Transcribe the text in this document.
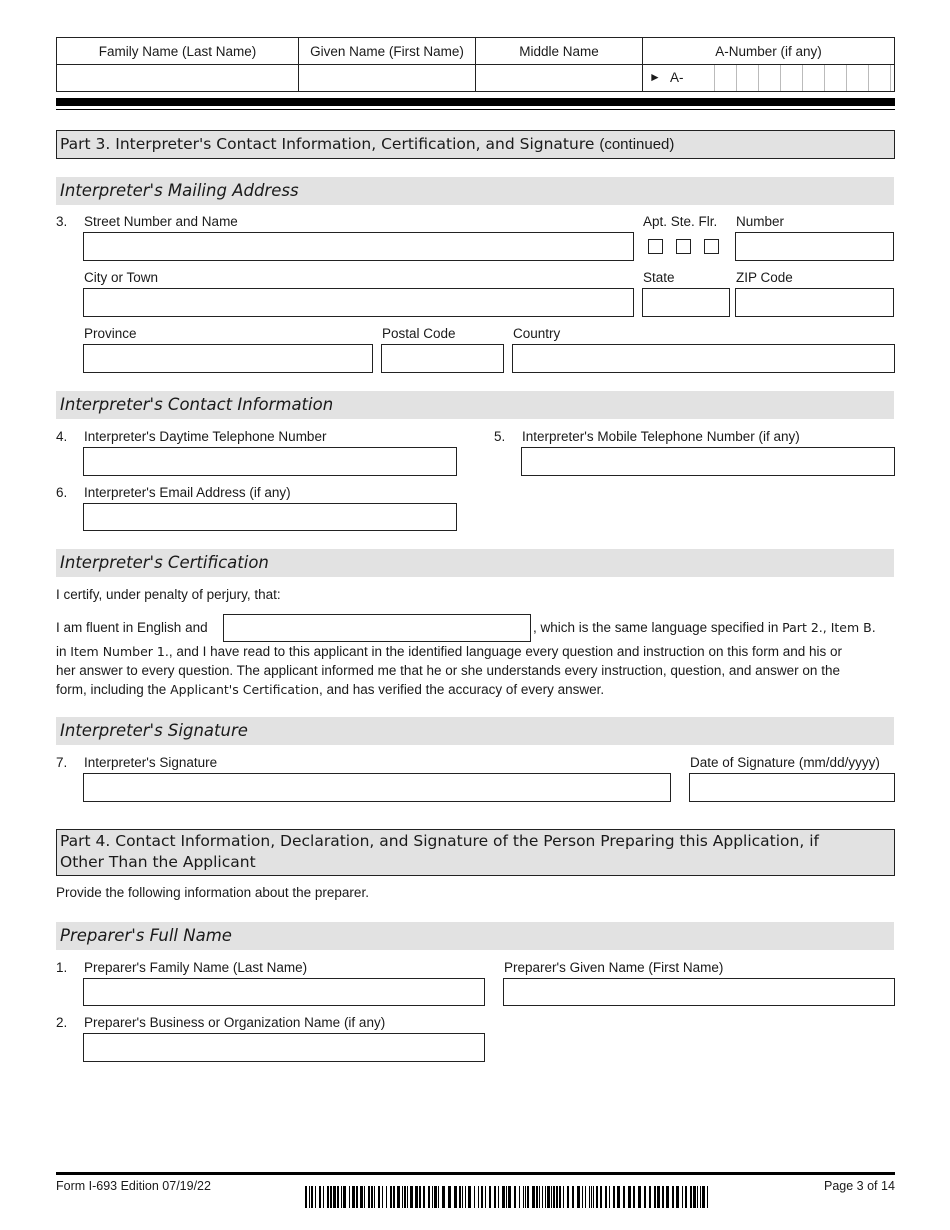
Family Name (Last Name)	Given Name (First Name)	Middle Name	A-Number (if any)

			► A-
Part 3. Interpreter's Contact Information, Certification, and Signature (continued)
Interpreter's Mailing Address
3. Street Number and Name	Apt. Ste. Flr. Number
City or Town	State	ZIP Code
Province	Postal Code	Country
Interpreter's Contact Information
4. Interpreter's Daytime Telephone Number	5. Interpreter's Mobile Telephone Number (if any)
6. Interpreter's Email Address (if any)
Interpreter's Certification
I certify, under penalty of perjury, that:
I am fluent in English and	, which is the same language specified in Part 2., Item B.
in Item Number 1., and I have read to this applicant in the identified language every question and instruction on this form and his or
her answer to every question. The applicant informed me that he or she understands every instruction, question, and answer on the
form, including the Applicant's Certification, and has verified the accuracy of every answer.
Interpreter's Signature
7. Interpreter's Signature	Date of Signature (mm/dd/yyyy)
Part 4. Contact Information, Declaration, and Signature of the Person Preparing this Application, if
Other Than the Applicant
Provide the following information about the preparer.
Preparer's Full Name
1. Preparer's Family Name (Last Name)	Preparer's Given Name (First Name)
2. Preparer's Business or Organization Name (if any)
Form I-693 Edition 07/19/22	Page 3 of 14
